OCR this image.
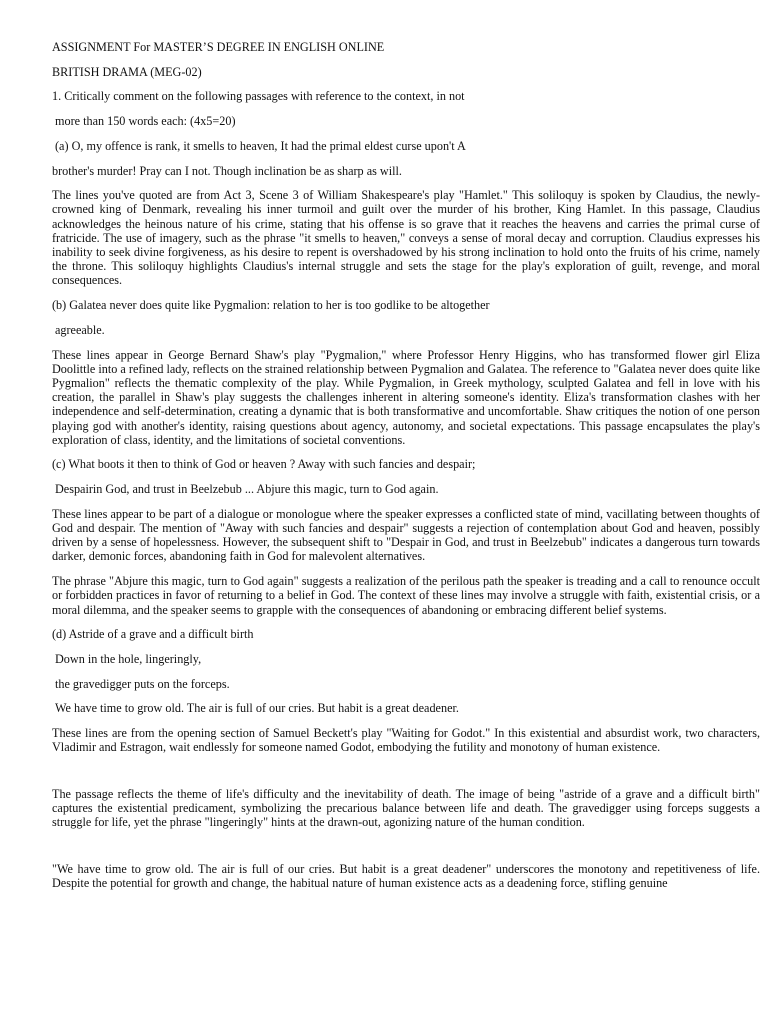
ASSIGNMENT For MASTER’S DEGREE IN ENGLISH ONLINE
BRITISH DRAMA (MEG-02)
1. Critically comment on the following passages with reference to the context, in not
more than 150 words each: (4x5=20)
(a) O, my offence is rank, it smells to heaven, It had the primal eldest curse upon't A
brother's murder! Pray can I not. Though inclination be as sharp as will.
The lines you've quoted are from Act 3, Scene 3 of William Shakespeare's play "Hamlet." This soliloquy is spoken by Claudius, the newly-crowned king of Denmark, revealing his inner turmoil and guilt over the murder of his brother, King Hamlet. In this passage, Claudius acknowledges the heinous nature of his crime, stating that his offense is so grave that it reaches the heavens and carries the primal curse of fratricide. The use of imagery, such as the phrase "it smells to heaven," conveys a sense of moral decay and corruption. Claudius expresses his inability to seek divine forgiveness, as his desire to repent is overshadowed by his strong inclination to hold onto the fruits of his crime, namely the throne. This soliloquy highlights Claudius's internal struggle and sets the stage for the play's exploration of guilt, revenge, and moral consequences.
(b) Galatea never does quite like Pygmalion: relation to her is too godlike to be altogether
agreeable.
These lines appear in George Bernard Shaw's play "Pygmalion," where Professor Henry Higgins, who has transformed flower girl Eliza Doolittle into a refined lady, reflects on the strained relationship between Pygmalion and Galatea. The reference to "Galatea never does quite like Pygmalion" reflects the thematic complexity of the play. While Pygmalion, in Greek mythology, sculpted Galatea and fell in love with his creation, the parallel in Shaw's play suggests the challenges inherent in altering someone's identity. Eliza's transformation clashes with her independence and self-determination, creating a dynamic that is both transformative and uncomfortable. Shaw critiques the notion of one person playing god with another's identity, raising questions about agency, autonomy, and societal expectations. This passage encapsulates the play's exploration of class, identity, and the limitations of societal conventions.
(c) What boots it then to think of God or heaven ? Away with such fancies and despair;
Despairin God, and trust in Beelzebub ... Abjure this magic, turn to God again.
These lines appear to be part of a dialogue or monologue where the speaker expresses a conflicted state of mind, vacillating between thoughts of God and despair. The mention of "Away with such fancies and despair" suggests a rejection of contemplation about God and heaven, possibly driven by a sense of hopelessness. However, the subsequent shift to "Despair in God, and trust in Beelzebub" indicates a dangerous turn towards darker, demonic forces, abandoning faith in God for malevolent alternatives.
The phrase "Abjure this magic, turn to God again" suggests a realization of the perilous path the speaker is treading and a call to renounce occult or forbidden practices in favor of returning to a belief in God. The context of these lines may involve a struggle with faith, existential crisis, or a moral dilemma, and the speaker seems to grapple with the consequences of abandoning or embracing different belief systems.
(d) Astride of a grave and a difficult birth
Down in the hole, lingeringly,
the gravedigger puts on the forceps.
We have time to grow old. The air is full of our cries. But habit is a great deadener.
These lines are from the opening section of Samuel Beckett's play "Waiting for Godot." In this existential and absurdist work, two characters, Vladimir and Estragon, wait endlessly for someone named Godot, embodying the futility and monotony of human existence.
The passage reflects the theme of life's difficulty and the inevitability of death. The image of being "astride of a grave and a difficult birth" captures the existential predicament, symbolizing the precarious balance between life and death. The gravedigger using forceps suggests a struggle for life, yet the phrase "lingeringly" hints at the drawn-out, agonizing nature of the human condition.
"We have time to grow old. The air is full of our cries. But habit is a great deadener" underscores the monotony and repetitiveness of life. Despite the potential for growth and change, the habitual nature of human existence acts as a deadening force, stifling genuine
